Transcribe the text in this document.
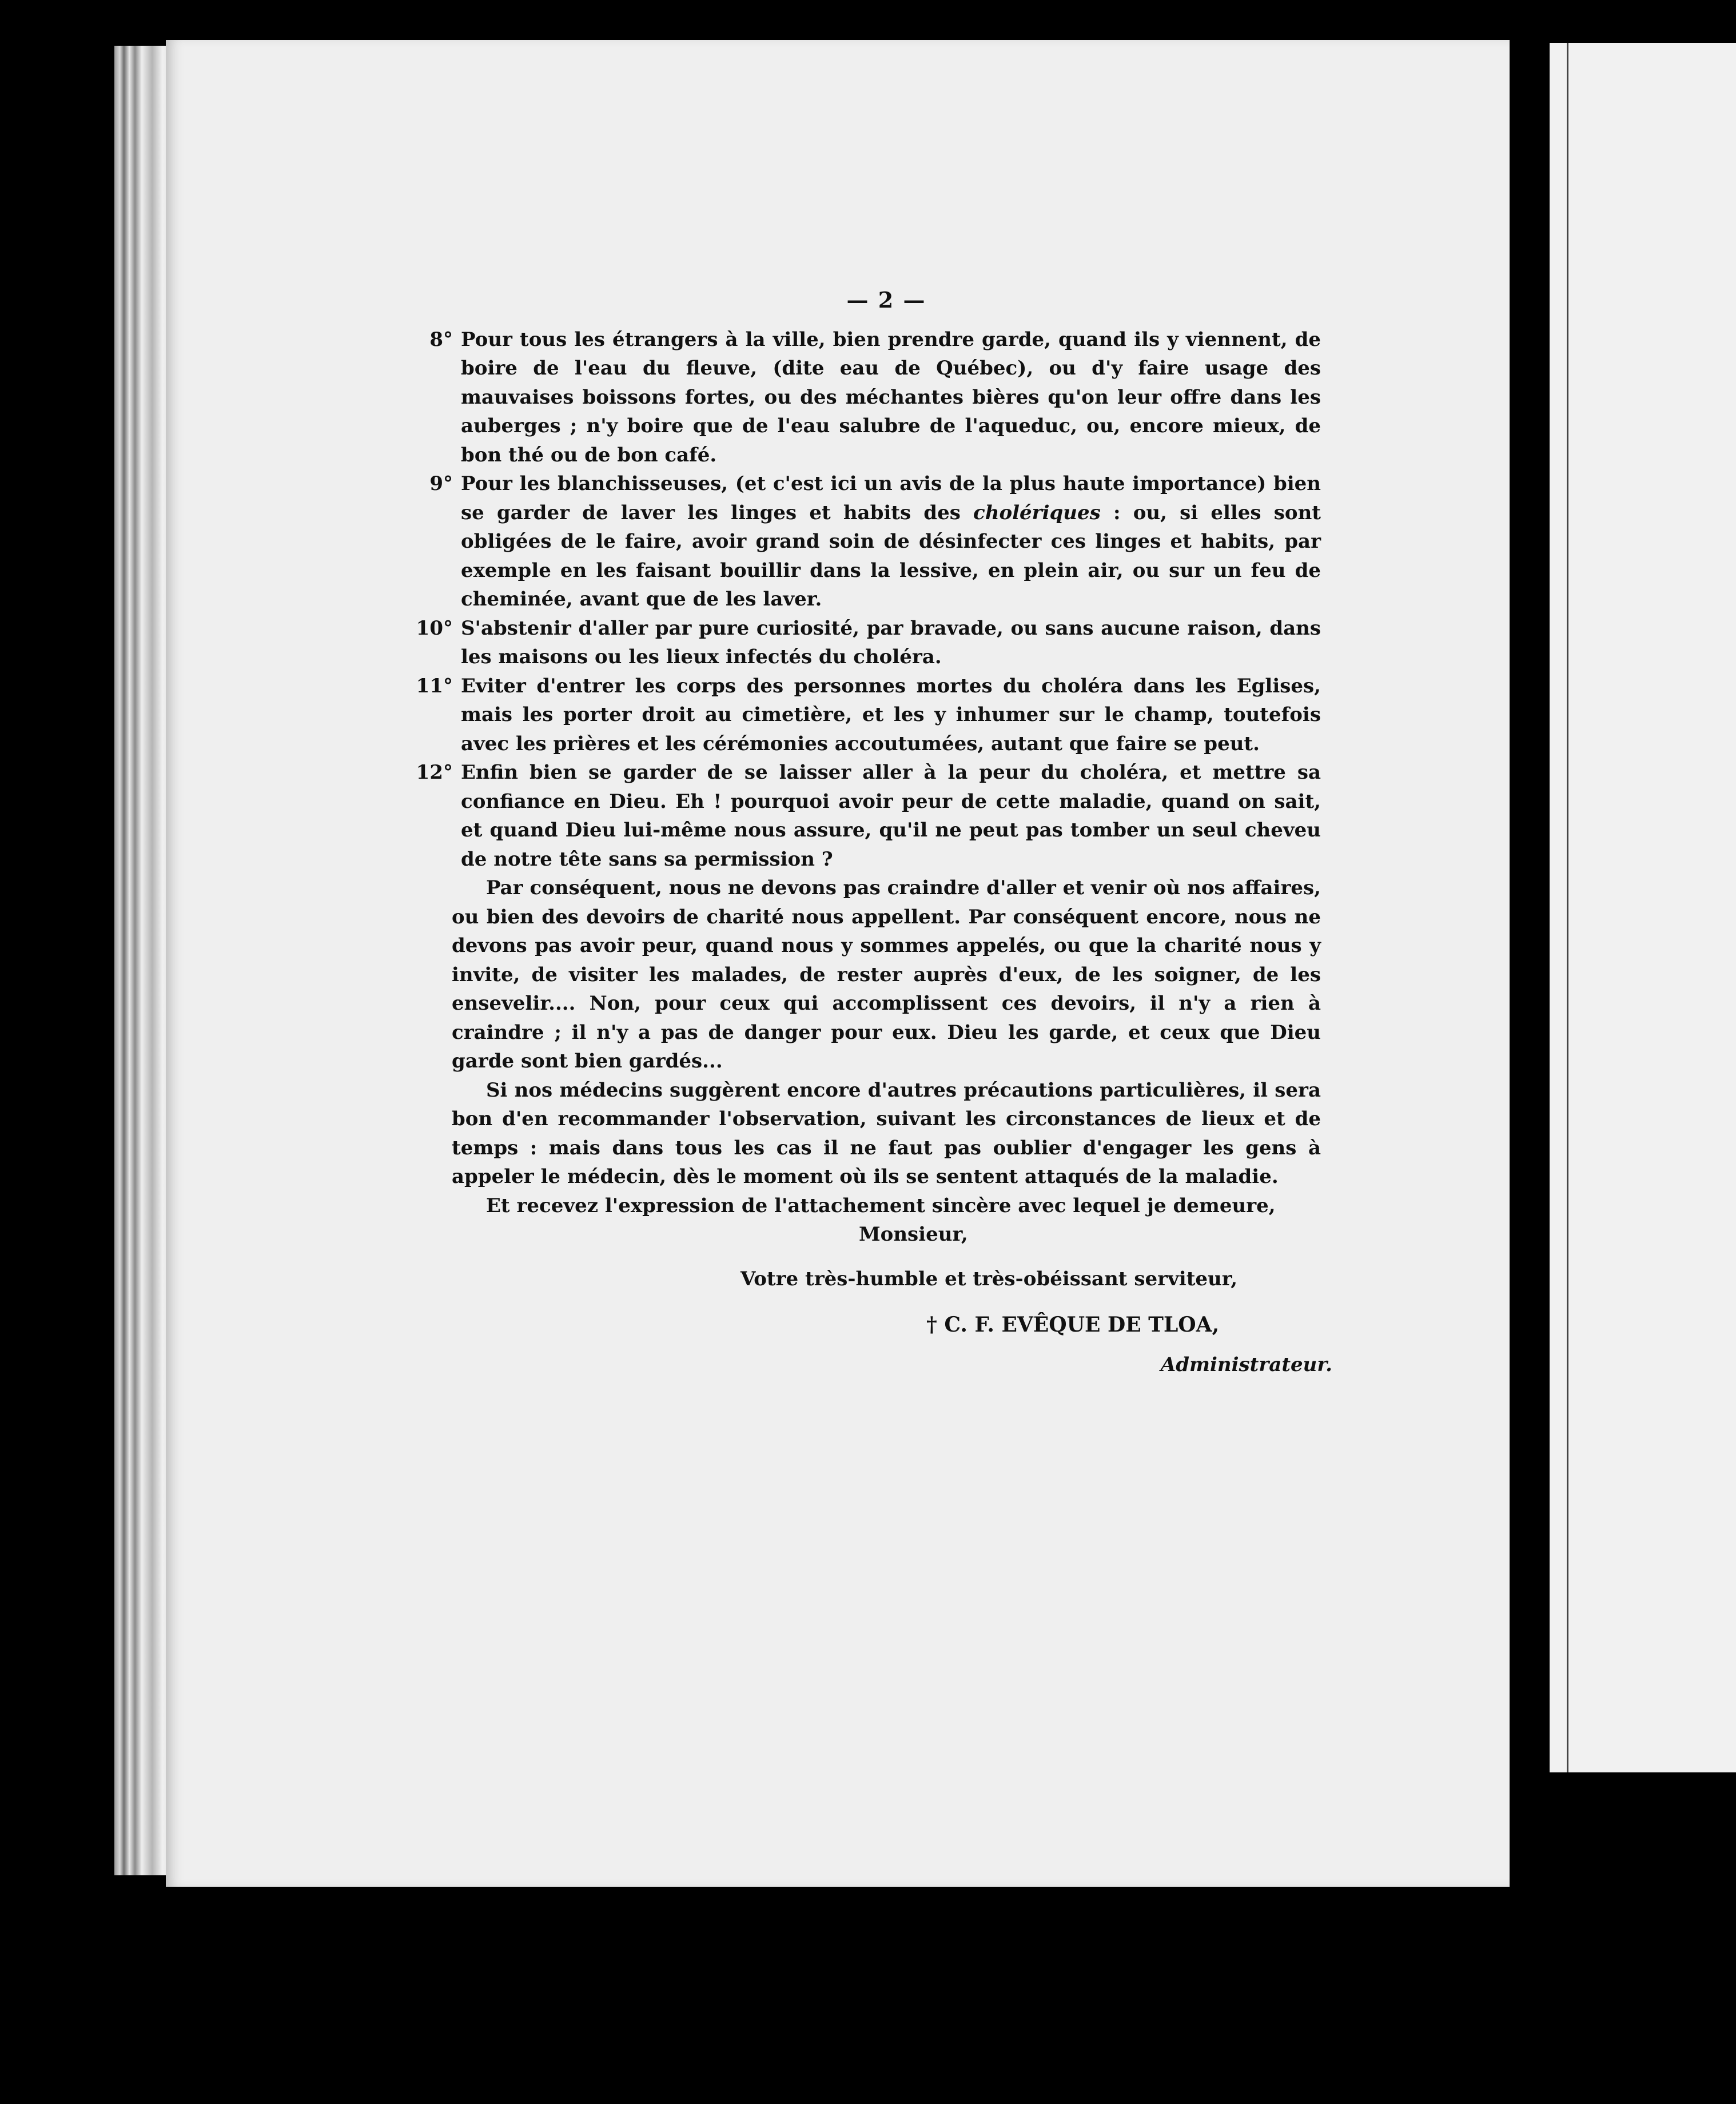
— 2 —
8° Pour tous les étrangers à la ville, bien prendre garde, quand ils y viennent, de boire de l'eau du fleuve, (dite eau de Québec), ou d'y faire usage des mauvaises boissons fortes, ou des méchantes bières qu'on leur offre dans les auberges ; n'y boire que de l'eau salubre de l'aqueduc, ou, encore mieux, de bon thé ou de bon café.
9° Pour les blanchisseuses, (et c'est ici un avis de la plus haute importance) bien se garder de laver les linges et habits des cholériques : ou, si elles sont obligées de le faire, avoir grand soin de désinfecter ces linges et habits, par exemple en les faisant bouillir dans la lessive, en plein air, ou sur un feu de cheminée, avant que de les laver.
10° S'abstenir d'aller par pure curiosité, par bravade, ou sans aucune raison, dans les maisons ou les lieux infectés du choléra.
11° Eviter d'entrer les corps des personnes mortes du choléra dans les Eglises, mais les porter droit au cimetière, et les y inhumer sur le champ, toutefois avec les prières et les cérémonies accoutumées, autant que faire se peut.
12° Enfin bien se garder de se laisser aller à la peur du choléra, et mettre sa confiance en Dieu. Eh ! pourquoi avoir peur de cette maladie, quand on sait, et quand Dieu lui-même nous assure, qu'il ne peut pas tomber un seul cheveu de notre tête sans sa permission ?
Par conséquent, nous ne devons pas craindre d'aller et venir où nos affaires, ou bien des devoirs de charité nous appellent. Par conséquent encore, nous ne devons pas avoir peur, quand nous y sommes appelés, ou que la charité nous y invite, de visiter les malades, de rester auprès d'eux, de les soigner, de les ensevelir.... Non, pour ceux qui accomplissent ces devoirs, il n'y a rien à craindre ; il n'y a pas de danger pour eux. Dieu les garde, et ceux que Dieu garde sont bien gardés...
Si nos médecins suggèrent encore d'autres précautions particulières, il sera bon d'en recommander l'observation, suivant les circonstances de lieux et de temps : mais dans tous les cas il ne faut pas oublier d'engager les gens à appeler le médecin, dès le moment où ils se sentent attaqués de la maladie.
Et recevez l'expression de l'attachement sincère avec lequel je demeure,
Monsieur,
Votre très-humble et très-obéissant serviteur,
† C. F. EVÊQUE DE TLOA,
Administrateur.
